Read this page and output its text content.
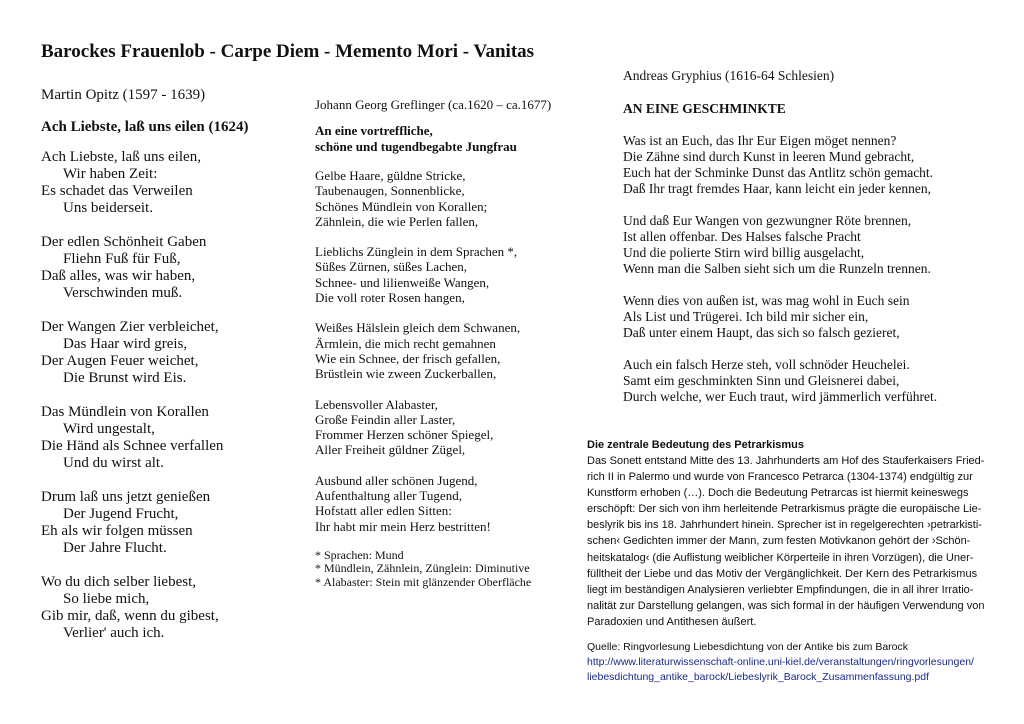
Barockes Frauenlob - Carpe Diem - Memento Mori - Vanitas
Martin Opitz (1597 - 1639)
Ach Liebste, laß uns eilen (1624)
Ach Liebste, laß uns eilen,
Wir haben Zeit:
Es schadet das Verweilen
Uns beiderseit.
Der edlen Schönheit Gaben
Fliehn Fuß für Fuß,
Daß alles, was wir haben,
Verschwinden muß.
Der Wangen Zier verbleichet,
Das Haar wird greis,
Der Augen Feuer weichet,
Die Brunst wird Eis.
Das Mündlein von Korallen
Wird ungestalt,
Die Händ als Schnee verfallen
Und du wirst alt.
Drum laß uns jetzt genießen
Der Jugend Frucht,
Eh als wir folgen müssen
Der Jahre Flucht.
Wo du dich selber liebest,
So liebe mich,
Gib mir, daß, wenn du gibest,
Verlier' auch ich.
Johann Georg Greflinger (ca.1620 – ca.1677)
An eine vortreffliche,
schöne und tugendbegabte Jungfrau
Gelbe Haare, güldne Stricke,
Taubenaugen, Sonnenblicke,
Schönes Mündlein von Korallen;
Zähnlein, die wie Perlen fallen,
Lieblichs Zünglein in dem Sprachen *,
Süßes Zürnen, süßes Lachen,
Schnee- und lilienweiße Wangen,
Die voll roter Rosen hangen,
Weißes Hälslein gleich dem Schwanen,
Ärmlein, die mich recht gemahnen
Wie ein Schnee, der frisch gefallen,
Brüstlein wie zween Zuckerballen,
Lebensvoller Alabaster,
Große Feindin aller Laster,
Frommer Herzen schöner Spiegel,
Aller Freiheit güldner Zügel,
Ausbund aller schönen Jugend,
Aufenthaltung aller Tugend,
Hofstatt aller edlen Sitten:
Ihr habt mir mein Herz bestritten!
* Sprachen: Mund
* Mündlein, Zähnlein, Zünglein: Diminutive
* Alabaster: Stein mit glänzender Oberfläche
Andreas Gryphius (1616-64 Schlesien)
AN EINE GESCHMINKTE
Was ist an Euch, das Ihr Eur Eigen möget nennen?
Die Zähne sind durch Kunst in leeren Mund gebracht,
Euch hat der Schminke Dunst das Antlitz schön gemacht.
Daß Ihr tragt fremdes Haar, kann leicht ein jeder kennen,
Und daß Eur Wangen von gezwungner Röte brennen,
Ist allen offenbar. Des Halses falsche Pracht
Und die polierte Stirn wird billig ausgelacht,
Wenn man die Salben sieht sich um die Runzeln trennen.
Wenn dies von außen ist, was mag wohl in Euch sein
Als List und Trügerei. Ich bild mir sicher ein,
Daß unter einem Haupt, das sich so falsch gezieret,
Auch ein falsch Herze steh, voll schnöder Heuchelei.
Samt eim geschminkten Sinn und Gleisnerei dabei,
Durch welche, wer Euch traut, wird jämmerlich verführet.
Die zentrale Bedeutung des Petrarkismus
Das Sonett entstand Mitte des 13. Jahrhunderts am Hof des Stauferkaisers Fried-
rich II in Palermo und wurde von Francesco Petrarca (1304-1374) endgültig zur
Kunstform erhoben (…). Doch die Bedeutung Petrarcas ist hiermit keineswegs
erschöpft: Der sich von ihm herleitende Petrarkismus prägte die europäische Lie-
beslyrik bis ins 18. Jahrhundert hinein. Sprecher ist in regelgerechten ›petrarkisti-
schen‹ Gedichten immer der Mann, zum festen Motivkanon gehört der ›Schön-
heitskatalog‹ (die Auflistung weiblicher Körperteile in ihren Vorzügen), die Uner-
fülltheit der Liebe und das Motiv der Vergänglichkeit. Der Kern des Petrarkismus
liegt im beständigen Analysieren verliebter Empfindungen, die in all ihrer Irratio-
nalität zur Darstellung gelangen, was sich formal in der häufigen Verwendung von
Paradoxien und Antithesen äußert.
Quelle: Ringvorlesung Liebesdichtung von der Antike bis zum Barock
http://www.literaturwissenschaft-online.uni-kiel.de/veranstaltungen/ringvorlesungen/
liebesdichtung_antike_barock/Liebeslyrik_Barock_Zusammenfassung.pdf
